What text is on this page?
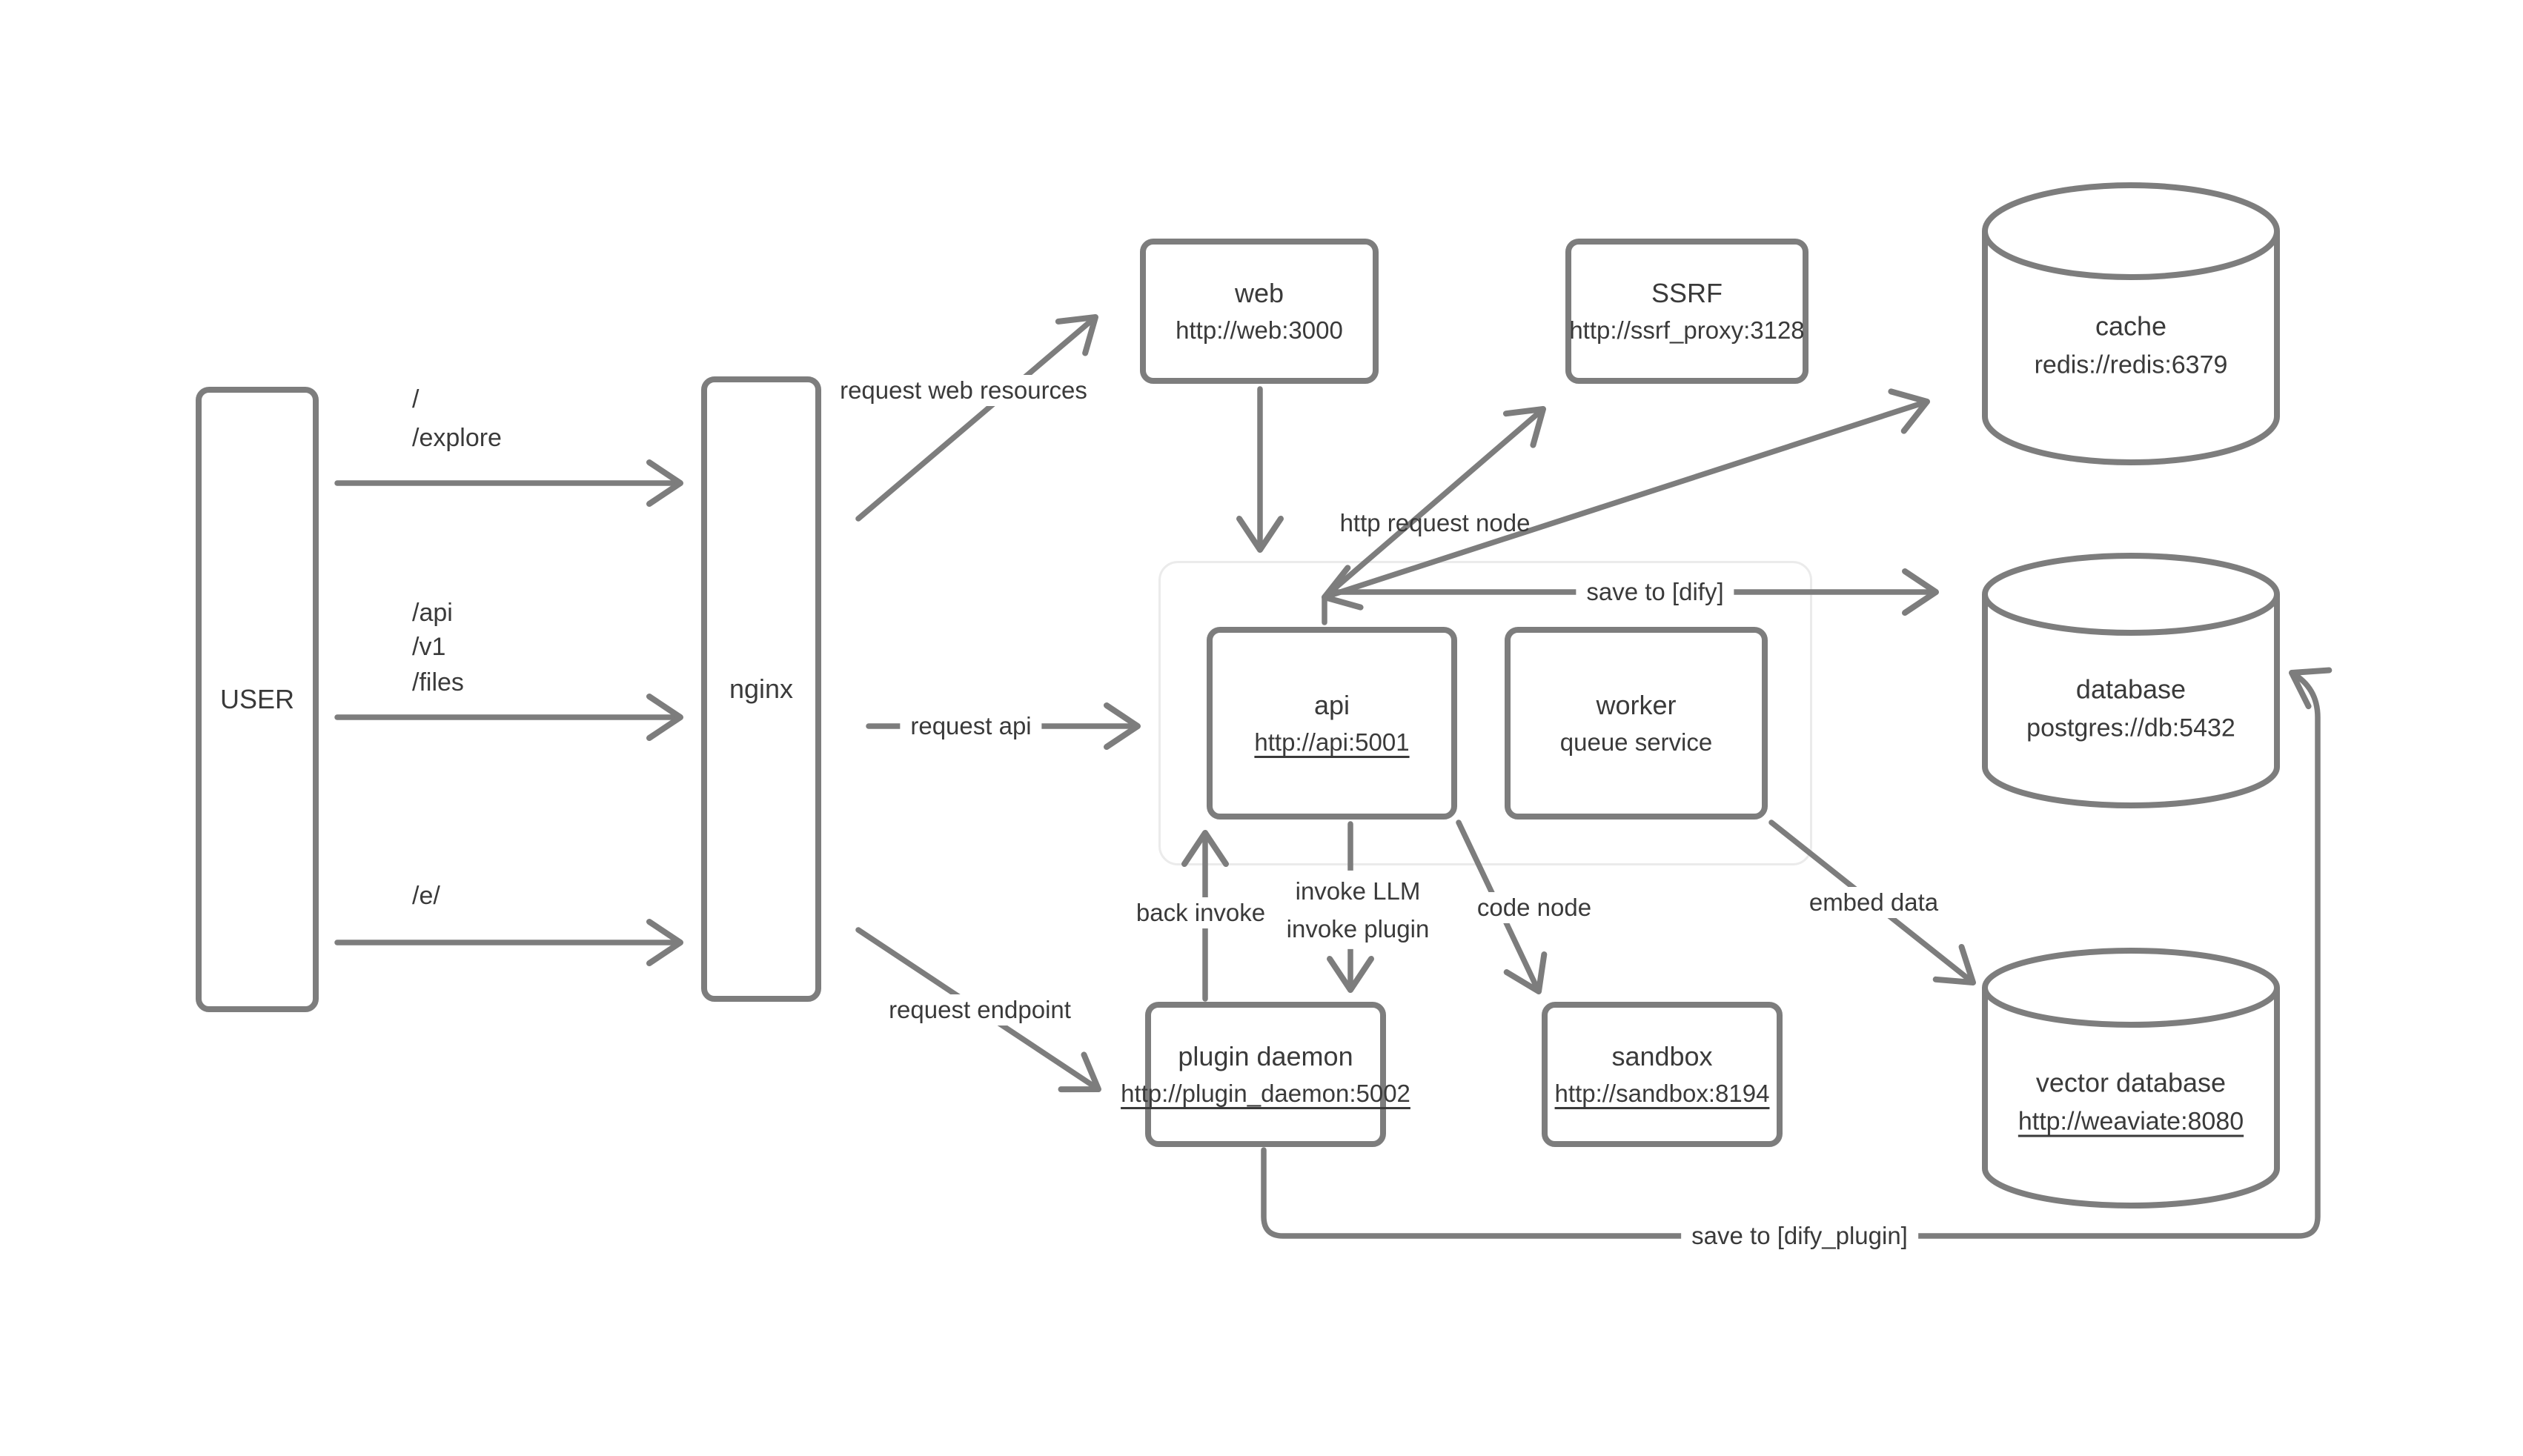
USER	nginx
web
http://web:3000
SSRF
http://ssrf_proxy:3128
api
http://api:5001
worker
queue service
plugin daemon
http://plugin_daemon:5002
sandbox
http://sandbox:8194
cache
redis://redis:6379
database
postgres://db:5432
vector database
http://weaviate:8080
/
/explore
/api
/v1
/files
/e/
request web resources
request api
request endpoint
http request node
save to [dify]
back invoke
invoke LLM
invoke plugin
code node	embed data
save to [dify_plugin]
